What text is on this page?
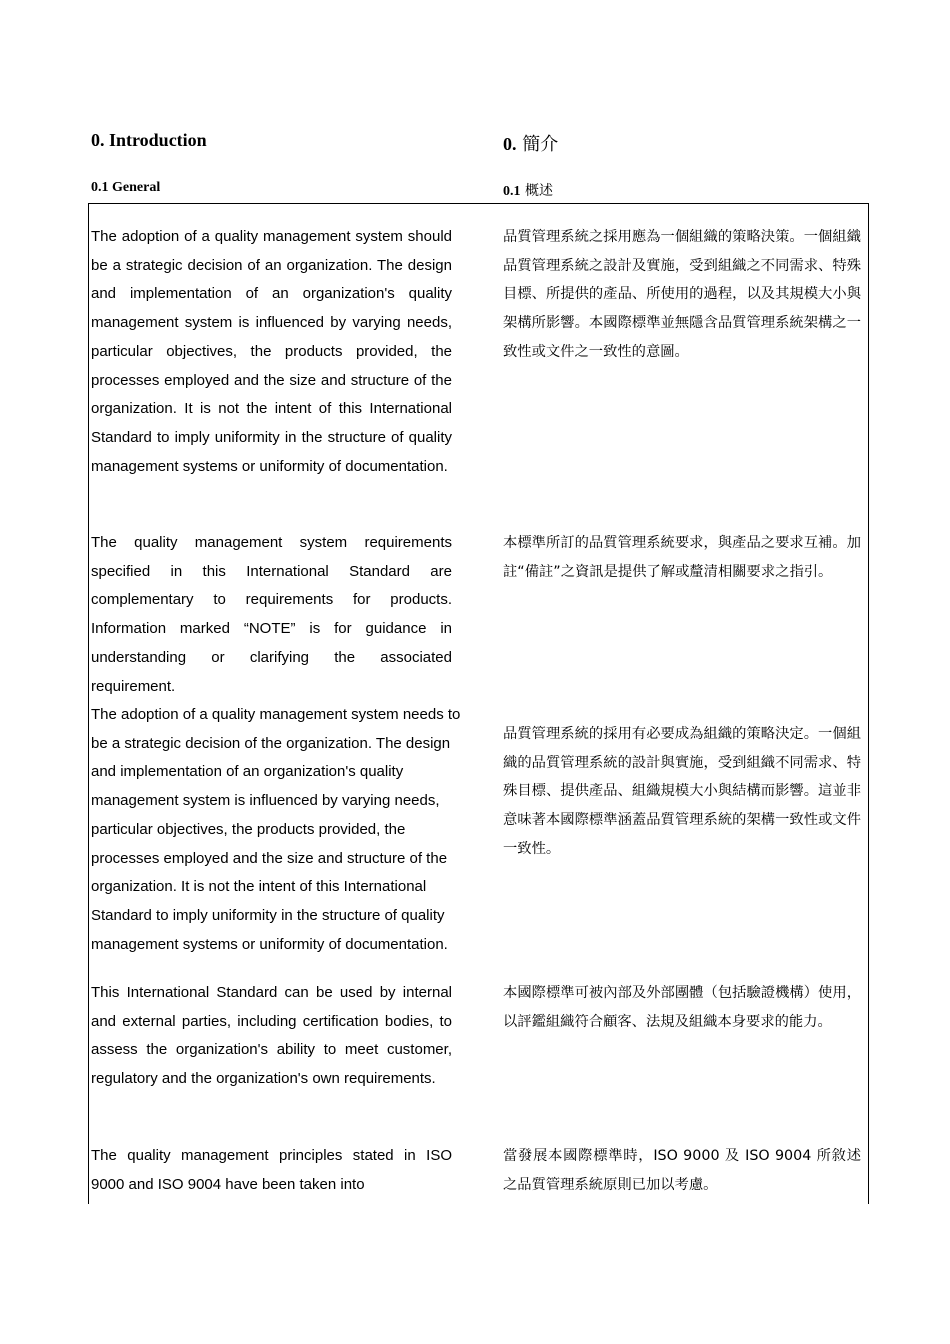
0. Introduction	0. 簡介
0.1 General	0.1 概述

The adoption of a quality management system should be a strategic decision of an organization. The design and implementation of an organization's quality management system is influenced by varying needs, particular objectives, the products provided, the processes employed and the size and structure of the organization. It is not the intent of this International Standard to imply uniformity in the structure of quality management systems or uniformity of documentation.

品質管理系統之採用應為一個組織的策略決策。一個組織品質管理系統之設計及實施，受到組織之不同需求、特殊目標、所提供的產品、所使用的過程，以及其規模大小與架構所影響。本國際標準並無隱含品質管理系統架構之一致性或文件之一致性的意圖。

The quality management system requirements specified in this International Standard are complementary to requirements for products. Information marked “NOTE” is for guidance in understanding or clarifying the associated requirement.

本標準所訂的品質管理系統要求，與產品之要求互補。加註“備註”之資訊是提供了解或釐清相關要求之指引。

The adoption of a quality management system needs to be a strategic decision of the organization. The design and implementation of an organization's quality management system is influenced by varying needs, particular objectives, the products provided, the processes employed and the size and structure of the organization. It is not the intent of this International Standard to imply uniformity in the structure of quality management systems or uniformity of documentation.

品質管理系統的採用有必要成為組織的策略決定。一個組織的品質管理系統的設計與實施，受到組織不同需求、特殊目標、提供產品、組織規模大小與結構而影響。這並非意味著本國際標準涵蓋品質管理系統的架構一致性或文件一致性。

This International Standard can be used by internal and external parties, including certification bodies, to assess the organization's ability to meet customer, regulatory and the organization's own requirements.

本國際標準可被內部及外部團體（包括驗證機構）使用，以評鑑組織符合顧客、法規及組織本身要求的能力。

The quality management principles stated in ISO 9000 and ISO 9004 have been taken into

當發展本國際標準時，ISO 9000 及 ISO 9004 所敘述之品質管理系統原則已加以考慮。
